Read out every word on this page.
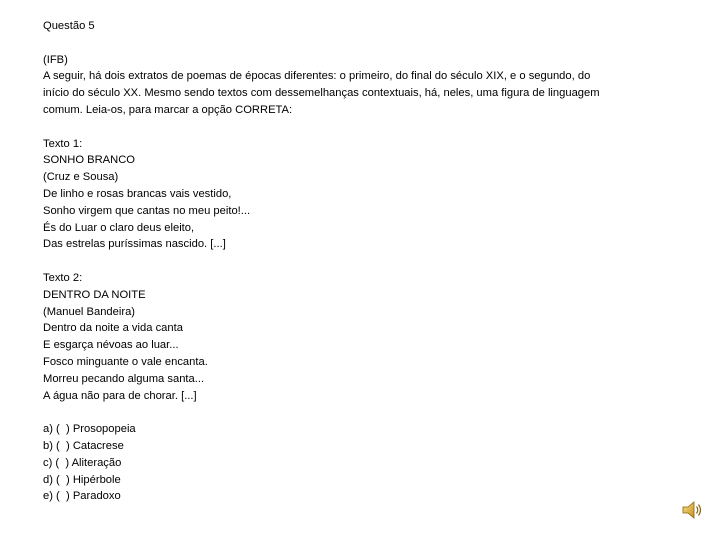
Questão 5
(IFB)
A seguir, há dois extratos de poemas de épocas diferentes: o primeiro, do final do século XIX, e o segundo, do
início do século XX. Mesmo sendo textos com dessemelhanças contextuais, há, neles, uma figura de linguagem
comum. Leia-os, para marcar a opção CORRETA:
Texto 1:
SONHO BRANCO
(Cruz e Sousa)
De linho e rosas brancas vais vestido,
Sonho virgem que cantas no meu peito!...
És do Luar o claro deus eleito,
Das estrelas puríssimas nascido. [...]
Texto 2:
DENTRO DA NOITE
(Manuel Bandeira)
Dentro da noite a vida canta
E esgarça névoas ao luar...
Fosco minguante o vale encanta.
Morreu pecando alguma santa...
A água não para de chorar. [...]
a) (  ) Prosopopeia
b) (  ) Catacrese
c) (  ) Aliteração
d) (  ) Hipérbole
e) (  ) Paradoxo
